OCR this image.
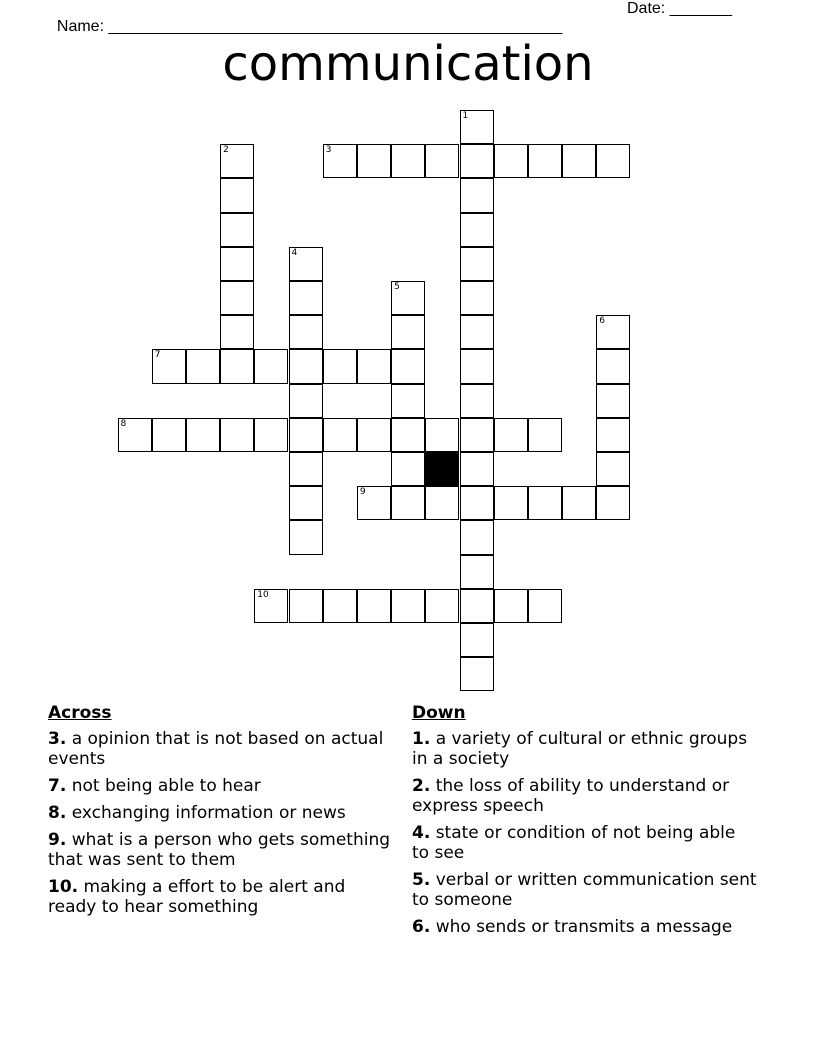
Name: ___________________________________________________

Date: _______

communication
1
2	3
4
5
6
7
8
9
10
Across
3. a opinion that is not based on actual events
7. not being able to hear
8. exchanging information or news
9. what is a person who gets something that was sent to them
10. making a effort to be alert and ready to hear something
Down
1. a variety of cultural or ethnic groups in a society
2. the loss of ability to understand or express speech
4. state or condition of not being able to see
5. verbal or written communication sent to someone
6. who sends or transmits a message
